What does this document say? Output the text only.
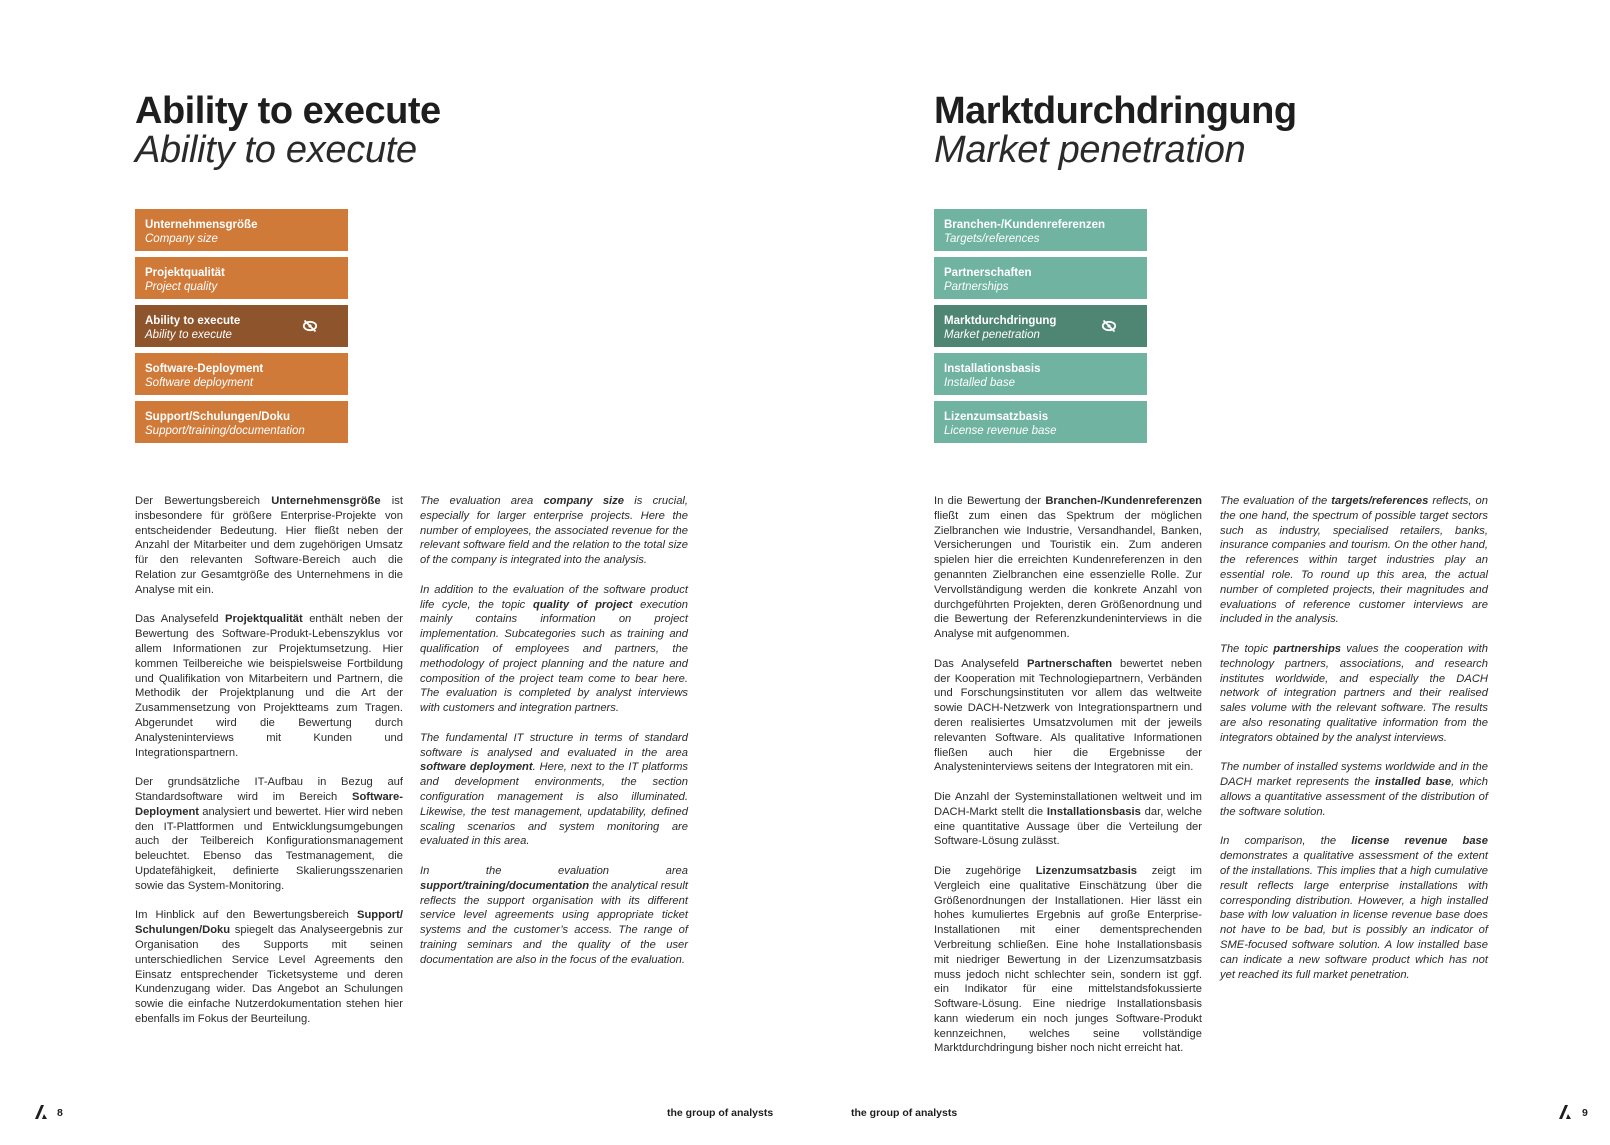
Ability to execute
Ability to execute
Unternehmensgröße
Company size
Projektqualität
Project quality
Ability to execute
Ability to execute
Software-Deployment
Software deployment
Support/Schulungen/Doku
Support/training/documentation

Der Bewertungsbereich Unternehmensgröße ist insbesondere für größere Enterprise-Projekte von entscheidender Bedeutung. Hier fließt neben der Anzahl der Mitarbeiter und dem zugehörigen Umsatz für den relevanten Software-Bereich auch die Relation zur Gesamtgröße des Unternehmens in die Analyse mit ein.

Das Analysefeld Projektqualität enthält neben der Bewertung des Software-Produkt-Lebenszyklus vor allem Informationen zur Projektumsetzung. Hier kommen Teilbereiche wie beispielsweise Fortbildung und Qualifikation von Mitarbeitern und Partnern, die Methodik der Projektplanung und die Art der Zusammensetzung von Projektteams zum Tragen. Abgerundet wird die Bewertung durch Analysteninterviews mit Kunden und Integrationspartnern.

Der grundsätzliche IT-Aufbau in Bezug auf Standardsoftware wird im Bereich Software-Deployment analysiert und bewertet. Hier wird neben den IT-Plattformen und Entwicklungsumgebungen auch der Teilbereich Konfigurationsmanagement beleuchtet. Ebenso das Testmanagement, die Updatefähigkeit, definierte Skalierungsszenarien sowie das System-Monitoring.

Im Hinblick auf den Bewertungsbereich Support/ Schulungen/Doku spiegelt das Analyseergebnis zur Organisation des Supports mit seinen unterschiedlichen Service Level Agreements den Einsatz entsprechender Ticketsysteme und deren Kundenzugang wider. Das Angebot an Schulungen sowie die einfache Nutzerdokumentation stehen hier ebenfalls im Fokus der Beurteilung.

The evaluation area company size is crucial, especially for larger enterprise projects. Here the number of employees, the associated revenue for the relevant software field and the relation to the total size of the company is integrated into the analysis.

In addition to the evaluation of the software product life cycle, the topic quality of project execution mainly contains information on project implementation. Subcategories such as training and qualification of employees and partners, the methodology of project planning and the nature and composition of the project team come to bear here. The evaluation is completed by analyst interviews with customers and integration partners.

The fundamental IT structure in terms of standard software is analysed and evaluated in the area software deployment. Here, next to the IT platforms and development environments, the section configuration management is also illuminated. Likewise, the test management, updatability, defined scaling scenarios and system monitoring are evaluated in this area.

In the evaluation area support/training/documentation the analytical result reflects the support organisation with its different service level agreements using appropriate ticket systems and the customer’s access. The range of training seminars and the quality of the user documentation are also in the focus of the evaluation.

8	the group of analysts
Marktdurchdringung
Market penetration
Branchen-/Kundenreferenzen
Targets/references
Partnerschaften
Partnerships
Marktdurchdringung
Market penetration
Installationsbasis
Installed base
Lizenzumsatzbasis
License revenue base

In die Bewertung der Branchen-/Kundenreferenzen fließt zum einen das Spektrum der möglichen Zielbranchen wie Industrie, Versandhandel, Banken, Versicherungen und Touristik ein. Zum anderen spielen hier die erreichten Kundenreferenzen in den genannten Zielbranchen eine essenzielle Rolle. Zur Vervollständigung werden die konkrete Anzahl von durchgeführten Projekten, deren Größenordnung und die Bewertung der Referenzkundeninterviews in die Analyse mit aufgenommen.

Das Analysefeld Partnerschaften bewertet neben der Kooperation mit Technologiepartnern, Verbänden und Forschungsinstituten vor allem das weltweite sowie DACH-Netzwerk von Integrationspartnern und deren realisiertes Umsatzvolumen mit der jeweils relevanten Software. Als qualitative Informationen fließen auch hier die Ergebnisse der Analysteninterviews seitens der Integratoren mit ein.

Die Anzahl der Systeminstallationen weltweit und im DACH-Markt stellt die Installationsbasis dar, welche eine quantitative Aussage über die Verteilung der Software-Lösung zulässt.

Die zugehörige Lizenzumsatzbasis zeigt im Vergleich eine qualitative Einschätzung über die Größenordnungen der Installationen. Hier lässt ein hohes kumuliertes Ergebnis auf große Enterprise-Installationen mit einer dementsprechenden Verbreitung schließen. Eine hohe Installationsbasis mit niedriger Bewertung in der Lizenzumsatzbasis muss jedoch nicht schlechter sein, sondern ist ggf. ein Indikator für eine mittelstandsfokussierte Software-Lösung. Eine niedrige Installationsbasis kann wiederum ein noch junges Software-Produkt kennzeichnen, welches seine vollständige Marktdurchdringung bisher noch nicht erreicht hat.

The evaluation of the targets/references reflects, on the one hand, the spectrum of possible target sectors such as industry, specialised retailers, banks, insurance companies and tourism. On the other hand, the references within target industries play an essential role. To round up this area, the actual number of completed projects, their magnitudes and evaluations of reference customer interviews are included in the analysis.

The topic partnerships values the cooperation with technology partners, associations, and research institutes worldwide, and especially the DACH network of integration partners and their realised sales volume with the relevant software. The results are also resonating qualitative information from the integrators obtained by the analyst interviews.

The number of installed systems worldwide and in the DACH market represents the installed base, which allows a quantitative assessment of the distribution of the software solution.

In comparison, the license revenue base demonstrates a qualitative assessment of the extent of the installations. This implies that a high cumulative result reflects large enterprise installations with corresponding distribution. However, a high installed base with low valuation in license revenue base does not have to be bad, but is possibly an indicator of SME-focused software solution. A low installed base can indicate a new software product which has not yet reached its full market penetration.

the group of analysts	9
